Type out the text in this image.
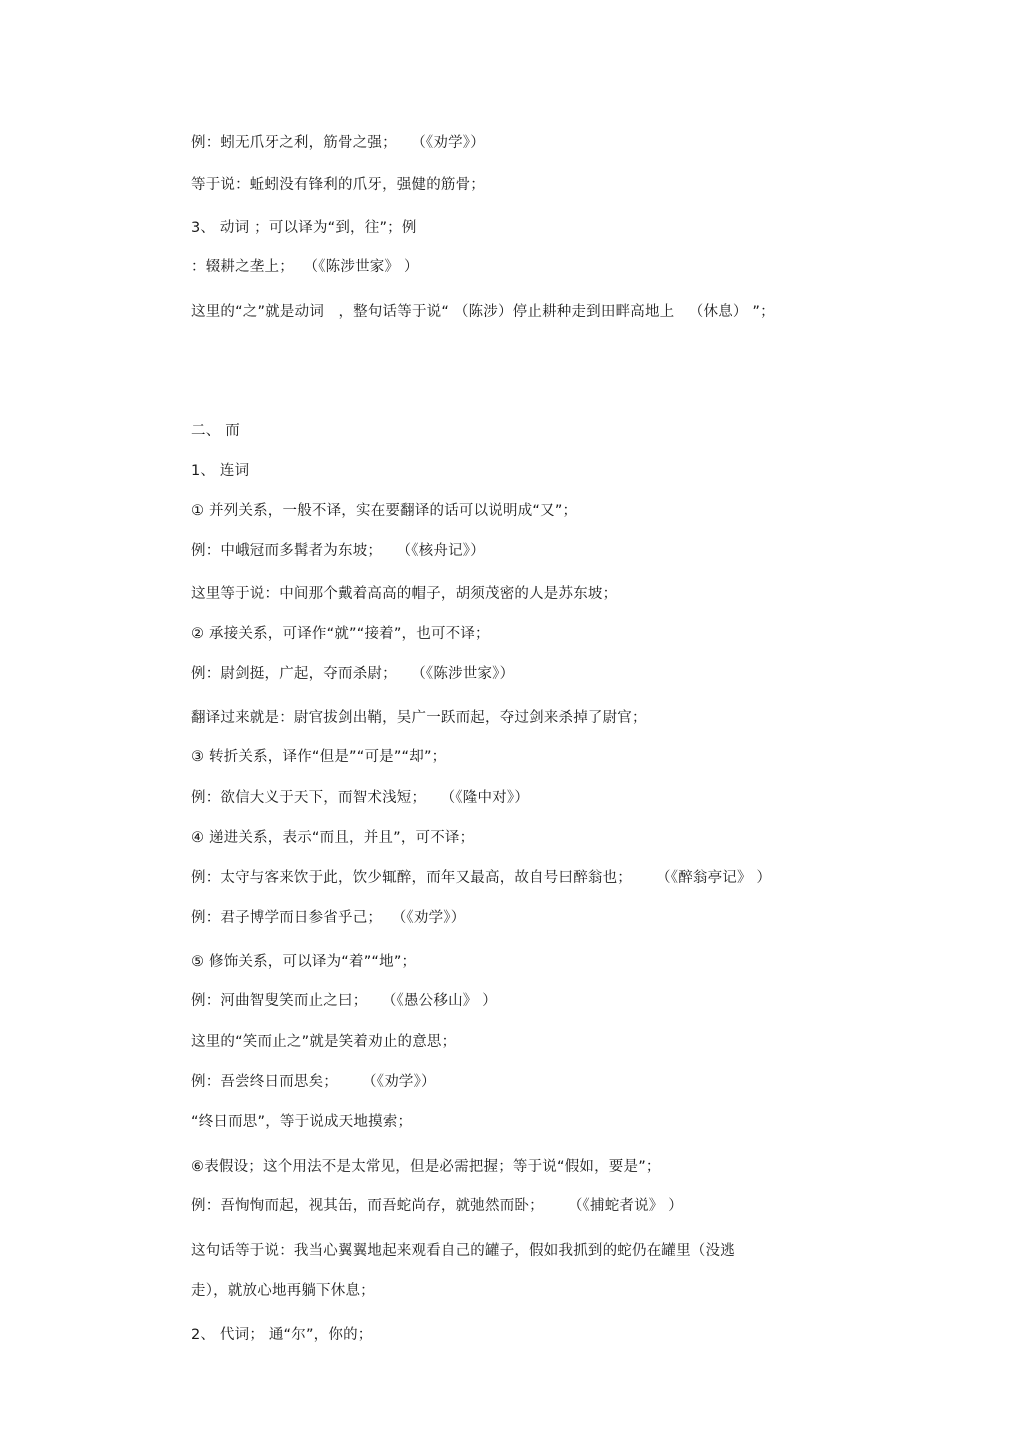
例：蚓无爪牙之利，筋骨之强；   （《劝学》）
等于说：蚯蚓没有锋利的爪牙，强健的筋骨；
3、 动词 ；可以译为“到，往”；例
：辍耕之垄上；  （《陈涉世家》 ）
这里的“之”就是动词   ，整句话等于说“ （陈涉）停止耕种走到田畔高地上   （休息） ”；
二、 而
1、 连词
① 并列关系，一般不译，实在要翻译的话可以说明成“又”；
例：中峨冠而多髯者为东坡；   （《核舟记》）
这里等于说：中间那个戴着高高的帽子，胡须茂密的人是苏东坡；
② 承接关系，可译作“就”“接着”，也可不译；
例：尉剑挺，广起，夺而杀尉；   （《陈涉世家》）
翻译过来就是：尉官拔剑出鞘，吴广一跃而起，夺过剑来杀掉了尉官；
③ 转折关系，译作“但是”“可是”“却”；
例：欲信大义于天下，而智术浅短；   （《隆中对》）
④ 递进关系，表示“而且，并且”，可不译；
例：太守与客来饮于此，饮少辄醉，而年又最高，故自号曰醉翁也；     （《醉翁亭记》 ）
例：君子博学而日参省乎己；  （《劝学》）
⑤ 修饰关系，可以译为“着”“地”；
例：河曲智叟笑而止之曰；   （《愚公移山》 ）
这里的“笑而止之”就是笑着劝止的意思；
例：吾尝终日而思矣；     （《劝学》）
“终日而思”，等于说成天地摸索；
⑥表假设；这个用法不是太常见，但是必需把握；等于说“假如，要是”；
例：吾恂恂而起，视其缶，而吾蛇尚存，就弛然而卧；     （《捕蛇者说》 ）
这句话等于说：我当心翼翼地起来观看自己的罐子，假如我抓到的蛇仍在罐里（没逃
走），就放心地再躺下休息；
2、 代词； 通“尔”，你的；
